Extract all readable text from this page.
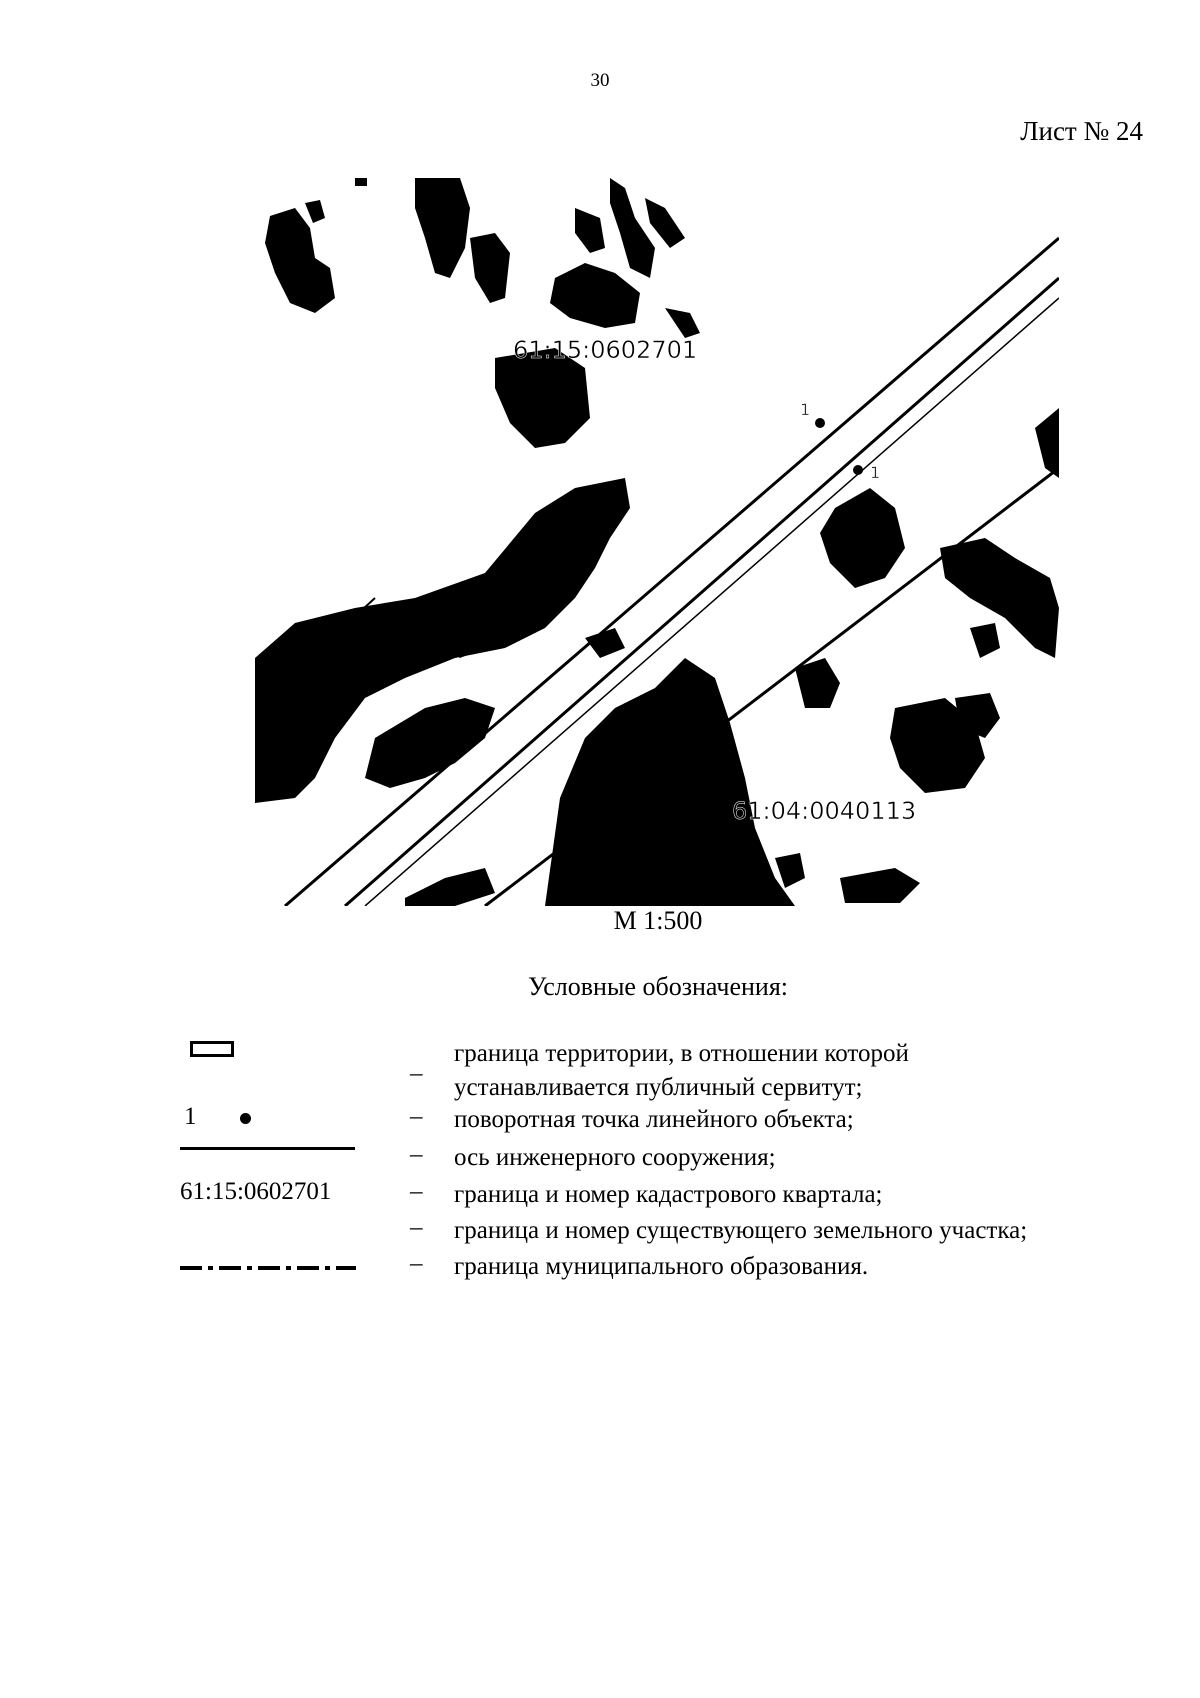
30
Лист № 24
61:15:0602701
61:04:0040113
1
1
М 1:500
Условные обозначения:
_ граница территории, в отношении которой
устанавливается публичный сервитут;
1	– поворотная точка линейного объекта;
– ось инженерного сооружения;
61:15:0602701	– граница и номер кадастрового квартала;
– граница и номер существующего земельного участка;
– граница муниципального образования.
